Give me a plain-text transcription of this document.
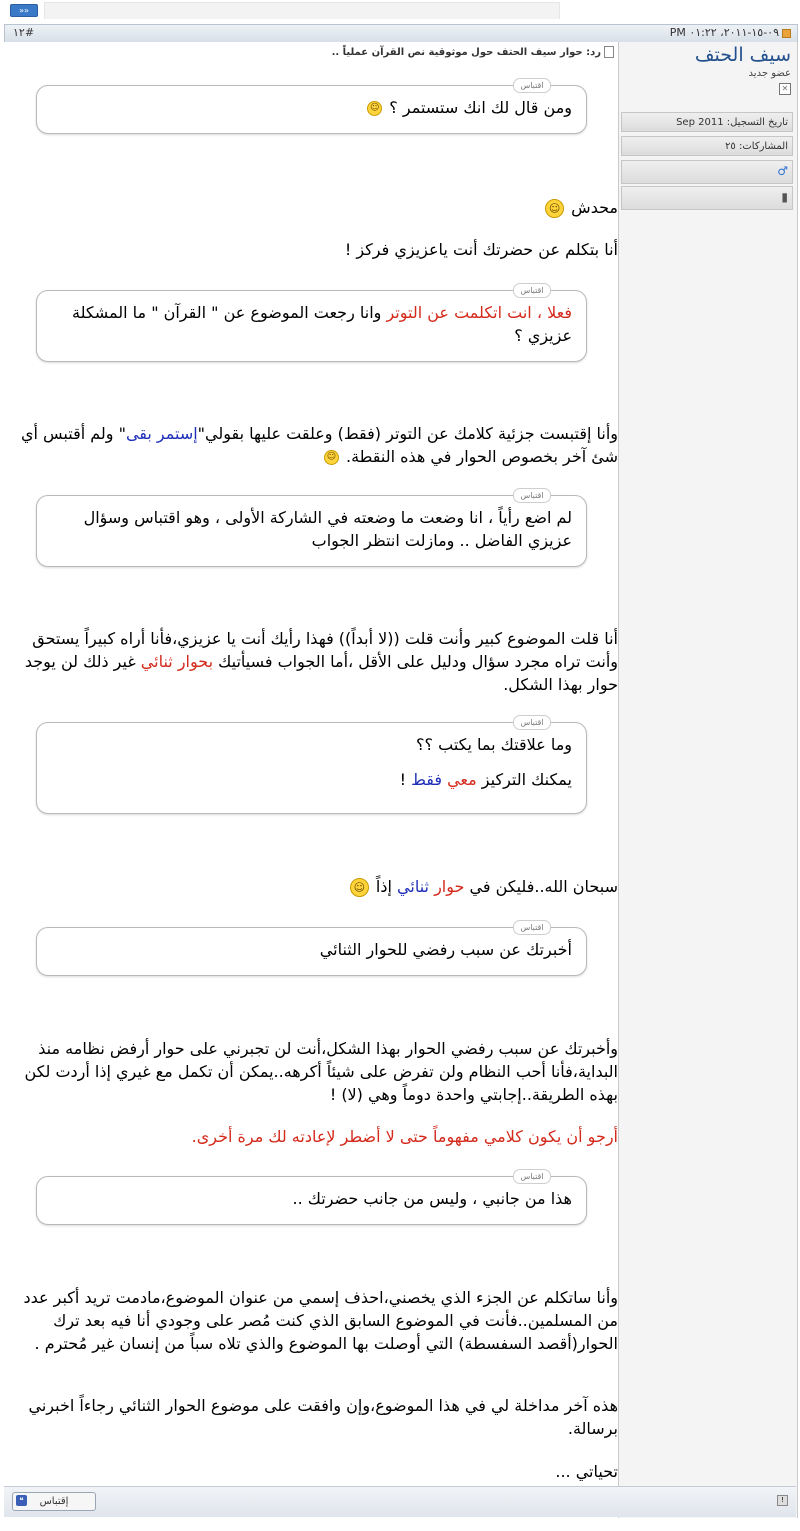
»»
٠٩-١٥-٢٠١١، ٠١:٢٢ PM
#١٢
سيف الحتف
عضو جديد
✕
تاريخ التسجيل: Sep 2011
المشاركات: ٢٥
♂
▮
رد: حوار سيف الحتف حول موثوقية نص القرآن عملياً ..
اقتباس
ومن قال لك انك ستستمر ؟ ☺
محدش ☺
أنا بتكلم عن حضرتك أنت ياعزيزي فركز !
اقتباس
فعلا ، انت اتكلمت عن التوتر وانا رجعت الموضوع عن " القرآن " ما المشكلة عزيزي ؟
وأنا إقتبست جزئية كلامك عن التوتر (فقط) وعلقت عليها بقولي"إستمر بقى" ولم أقتبس أي شئ آخر بخصوص الحوار في هذه النقطة. ☺
اقتباس
لم اضع رأياً ، انا وضعت ما وضعته في الشاركة الأولى ، وهو اقتباس وسؤال عزيزي الفاضل .. ومازلت انتظر الجواب
أنا قلت الموضوع كبير وأنت قلت ((لا أبداً)) فهذا رأيك أنت يا عزيزي،فأنا أراه كبيراً يستحق وأنت تراه مجرد سؤال ودليل على الأقل ،أما الجواب فسيأتيك بحوار ثنائي غير ذلك لن يوجد حوار بهذا الشكل.
اقتباس
وما علاقتك بما يكتب ؟؟
يمكنك التركيز معي فقط !
سبحان الله..فليكن في حوار ثنائي إذاً ☺
اقتباس
أخبرتك عن سبب رفضي للحوار الثنائي
وأخبرتك عن سبب رفضي الحوار بهذا الشكل،أنت لن تجبرني على حوار أرفض نظامه منذ البداية،فأنا أحب النظام ولن تفرض على شيئاً أكرهه..يمكن أن تكمل مع غيري إذا أردت لكن بهذه الطريقة..إجابتي واحدة دوماً وهي (لا) !
أرجو أن يكون كلامي مفهوماً حتى لا أضطر لإعادته لك مرة أخرى.
اقتباس
هذا من جانبي ، وليس من جانب حضرتك ..
وأنا ساتكلم عن الجزء الذي يخصني،احذف إسمي من عنوان الموضوع،مادمت تريد أكبر عدد من المسلمين..فأنت في الموضوع السابق الذي كنت مُصر على وجودي أنا فيه بعد ترك الحوار(أقصد السفسطة) التي أوصلت بها الموضوع والذي تلاه سباً من إنسان غير مُحترم .
هذه آخر مداخلة لي في هذا الموضوع،وإن وافقت على موضوع الحوار الثنائي رجاءاً اخبرني برسالة.
تحياتي ...
❝	إقتباس	!
